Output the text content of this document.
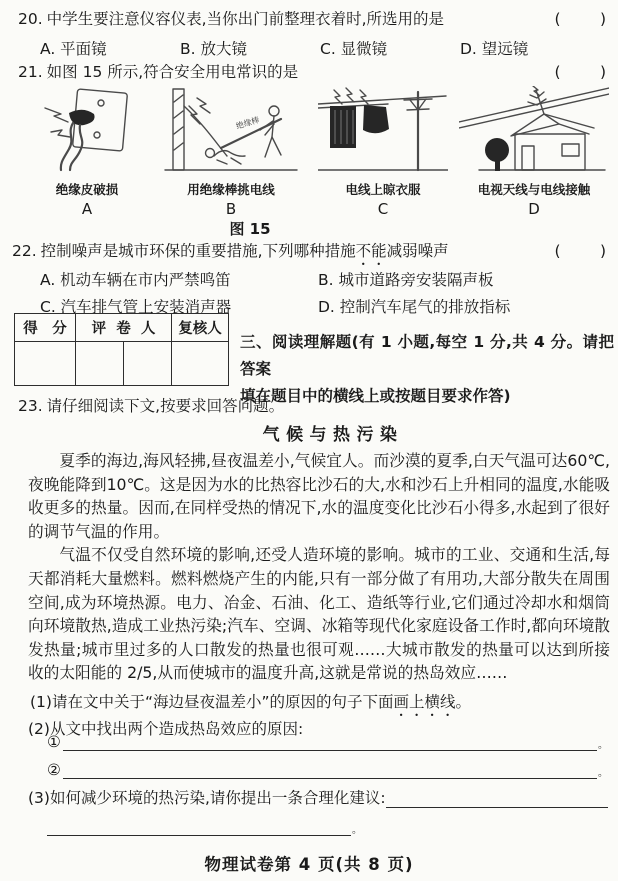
20. 中学生要注意仪容仪表,当你出门前整理衣着时,所选用的是	(        )
A. 平面镜	B. 放大镜	C. 显微镜	D. 望远镜
21. 如图 15 所示,符合安全用电常识的是	(        )
绝缘皮破损
A
绝缘棒
用绝缘棒挑电线
B
电线上晾衣服
C
电视天线与电线接触
D
图 15
22. 控制噪声是城市环保的重要措施,下列哪种措施不能减弱噪声	(        )
A. 机动车辆在市内严禁鸣笛	B. 城市道路旁安装隔声板
C. 汽车排气管上安装消声器	D. 控制汽车尾气的排放指标
得　分	评  卷  人		复核人

三、阅读理解题(有 1 小题,每空 1 分,共 4 分。请把答案
填在题目中的横线上或按题目要求作答)
23. 请仔细阅读下文,按要求回答问题。
气候与热污染

夏季的海边,海风轻拂,昼夜温差小,气候宜人。而沙漠的夏季,白天气温可达60℃,夜晚能降到10℃。这是因为水的比热容比沙石的大,水和沙石上升相同的温度,水能吸收更多的热量。因而,在同样受热的情况下,水的温度变化比沙石小得多,水起到了很好的调节气温的作用。

气温不仅受自然环境的影响,还受人造环境的影响。城市的工业、交通和生活,每天都消耗大量燃料。燃料燃烧产生的内能,只有一部分做了有用功,大部分散失在周围空间,成为环境热源。电力、冶金、石油、化工、造纸等行业,它们通过冷却水和烟筒向环境散热,造成工业热污染;汽车、空调、冰箱等现代化家庭设备工作时,都向环境散发热量;城市里过多的人口散发的热量也很可观……大城市散发的热量可以达到所接收的太阳能的 2/5,从而使城市的温度升高,这就是常说的热岛效应……

(1)请在文中关于“海边昼夜温差小”的原因的句子下面画上横线。
(2)从文中找出两个造成热岛效应的原因:
①	。
②	。
(3)如何减少环境的热污染,请你提出一条合理化建议:
。
物理试卷第 4 页(共 8 页)
